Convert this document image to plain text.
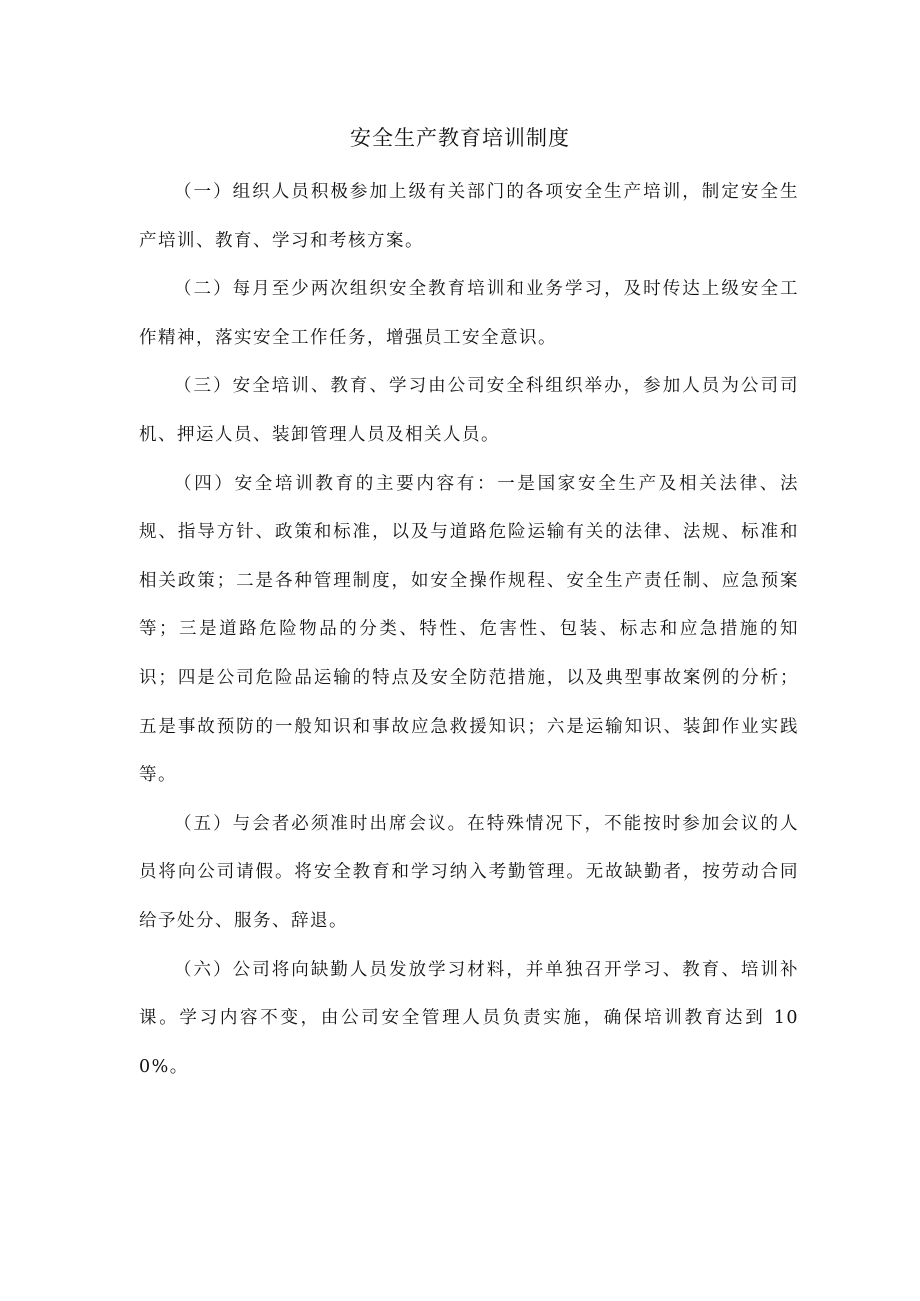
安全生产教育培训制度

（一）组织人员积极参加上级有关部门的各项安全生产培训，制定安全生产培训、教育、学习和考核方案。

（二）每月至少两次组织安全教育培训和业务学习，及时传达上级安全工作精神，落实安全工作任务，增强员工安全意识。

（三）安全培训、教育、学习由公司安全科组织举办，参加人员为公司司机、押运人员、装卸管理人员及相关人员。

（四）安全培训教育的主要内容有：一是国家安全生产及相关法律、法规、指导方针、政策和标准，以及与道路危险运输有关的法律、法规、标准和相关政策；二是各种管理制度，如安全操作规程、安全生产责任制、应急预案等；三是道路危险物品的分类、特性、危害性、包装、标志和应急措施的知识；四是公司危险品运输的特点及安全防范措施，以及典型事故案例的分析；五是事故预防的一般知识和事故应急救援知识；六是运输知识、装卸作业实践等。

（五）与会者必须准时出席会议。在特殊情况下，不能按时参加会议的人员将向公司请假。将安全教育和学习纳入考勤管理。无故缺勤者，按劳动合同给予处分、服务、辞退。

（六）公司将向缺勤人员发放学习材料，并单独召开学习、教育、培训补课。学习内容不变，由公司安全管理人员负责实施，确保培训教育达到 100%。
